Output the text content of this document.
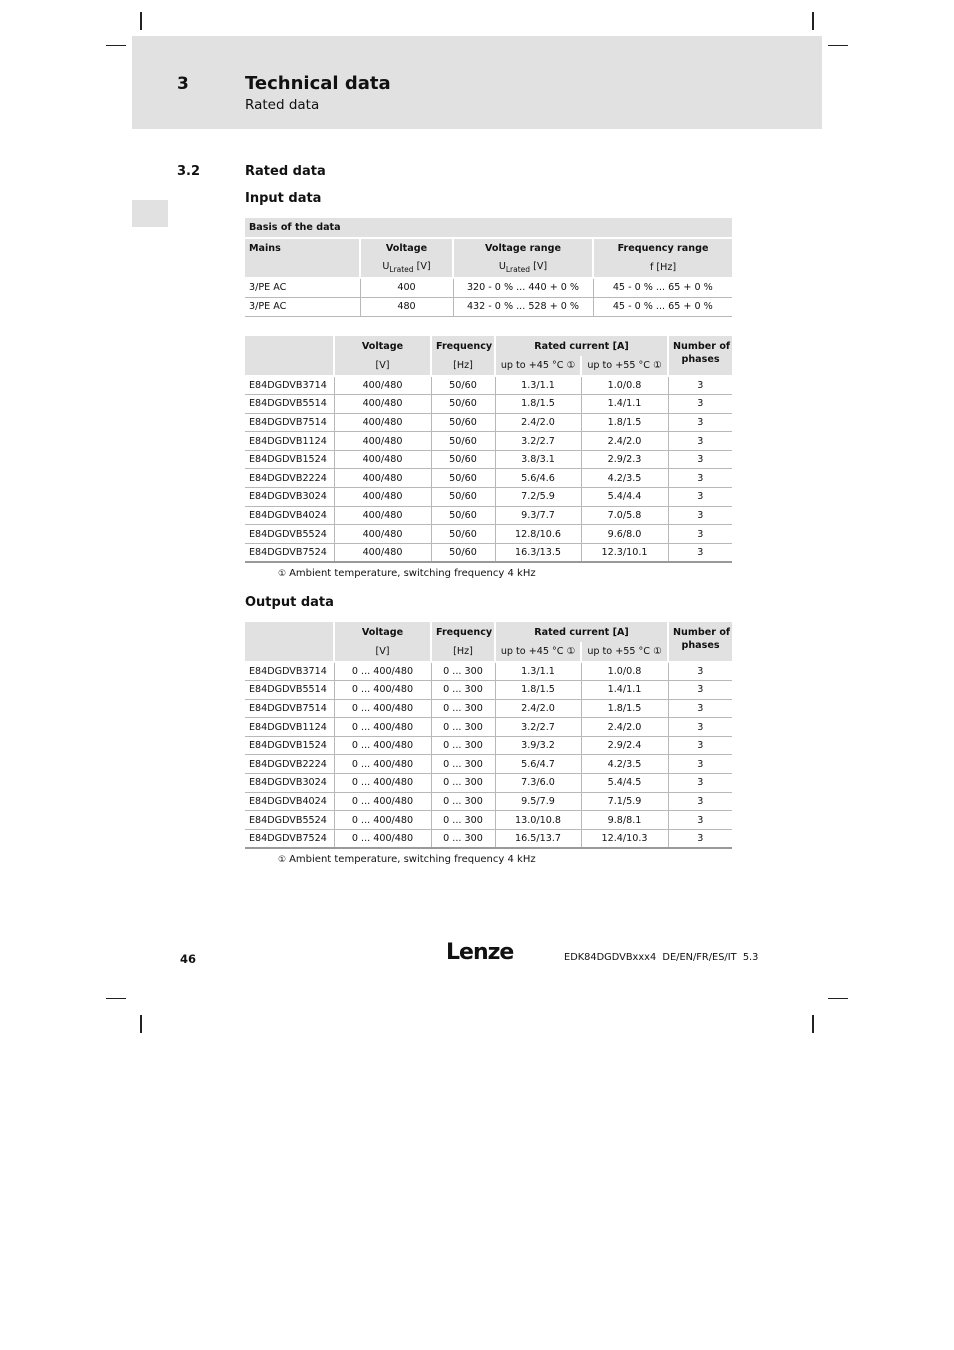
3	Technical data
Rated data
3.2	Rated data
Input data
Basis of the data			
Mains	Voltage	Voltage range	Frequency range
	$U_{Lrated}$ [V]	$U_{Lrated}$ [V]	f [Hz]
3/PE AC	400	320 - 0 % ... 440 + 0 %	45 - 0 % ... 65 + 0 %
3/PE AC	480	432 - 0 % ... 528 + 0 %	45 - 0 % ... 65 + 0 %
	Voltage	Frequency	Rated current [A]		Number of
phases
	[V]	[Hz]	up to +45 °C ①	up to +55 °C ①	
E84DGDVB3714	400/480	50/60	1.3/1.1	1.0/0.8	3
E84DGDVB5514	400/480	50/60	1.8/1.5	1.4/1.1	3
E84DGDVB7514	400/480	50/60	2.4/2.0	1.8/1.5	3
E84DGDVB1124	400/480	50/60	3.2/2.7	2.4/2.0	3
E84DGDVB1524	400/480	50/60	3.8/3.1	2.9/2.3	3
E84DGDVB2224	400/480	50/60	5.6/4.6	4.2/3.5	3
E84DGDVB3024	400/480	50/60	7.2/5.9	5.4/4.4	3
E84DGDVB4024	400/480	50/60	9.3/7.7	7.0/5.8	3
E84DGDVB5524	400/480	50/60	12.8/10.6	9.6/8.0	3
E84DGDVB7524	400/480	50/60	16.3/13.5	12.3/10.1	3
① Ambient temperature, switching frequency 4 kHz
Output data
	Voltage	Frequency	Rated current [A]		Number of
phases
	[V]	[Hz]	up to +45 °C ①	up to +55 °C ①	
E84DGDVB3714	0 ... 400/480	0 ... 300	1.3/1.1	1.0/0.8	3
E84DGDVB5514	0 ... 400/480	0 ... 300	1.8/1.5	1.4/1.1	3
E84DGDVB7514	0 ... 400/480	0 ... 300	2.4/2.0	1.8/1.5	3
E84DGDVB1124	0 ... 400/480	0 ... 300	3.2/2.7	2.4/2.0	3
E84DGDVB1524	0 ... 400/480	0 ... 300	3.9/3.2	2.9/2.4	3
E84DGDVB2224	0 ... 400/480	0 ... 300	5.6/4.7	4.2/3.5	3
E84DGDVB3024	0 ... 400/480	0 ... 300	7.3/6.0	5.4/4.5	3
E84DGDVB4024	0 ... 400/480	0 ... 300	9.5/7.9	7.1/5.9	3
E84DGDVB5524	0 ... 400/480	0 ... 300	13.0/10.8	9.8/8.1	3
E84DGDVB7524	0 ... 400/480	0 ... 300	16.5/13.7	12.4/10.3	3
① Ambient temperature, switching frequency 4 kHz
46	Lenze	EDK84DGDVBxxx4  DE/EN/FR/ES/IT  5.3
